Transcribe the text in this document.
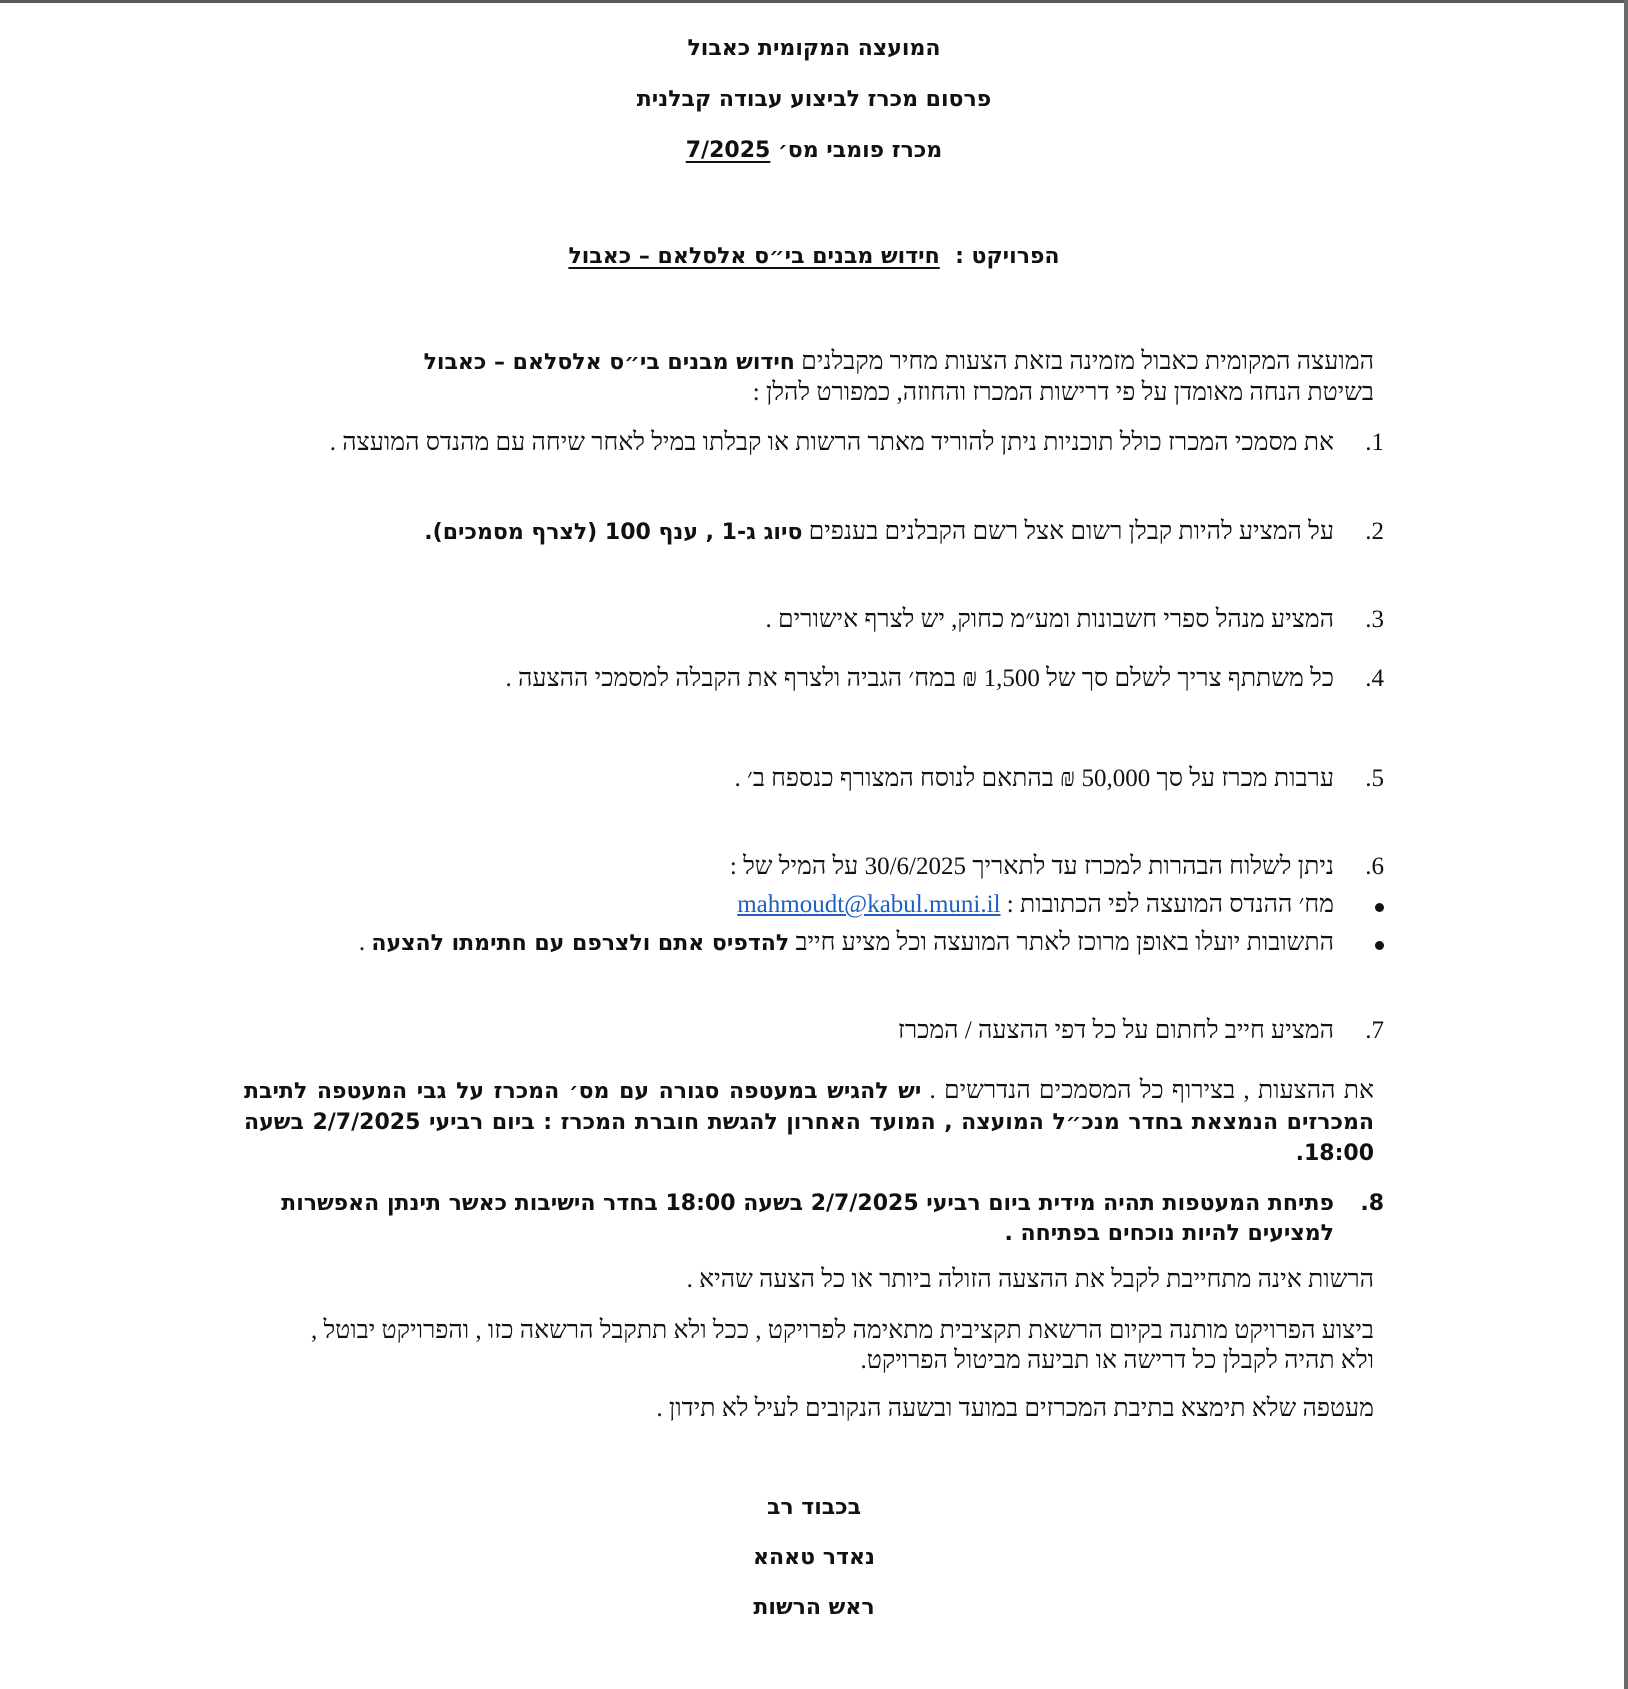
המועצה המקומית כאבול
פרסום מכרז לביצוע עבודה קבלנית
מכרז פומבי מס׳ 7/2025
הפרויקט :  חידוש מבנים בי״ס אלסלאם – כאבול
המועצה המקומית כאבול מזמינה בזאת הצעות מחיר מקבלנים חידוש מבנים בי״ס אלסלאם – כאבול
בשיטת הנחה מאומדן על פי דרישות המכרז והחוזה, כמפורט להלן :
1.
את מסמכי המכרז כולל תוכניות ניתן להוריד מאתר הרשות או קבלתו במיל לאחר שיחה עם מהנדס המועצה .
2.
על המציע להיות קבלן רשום אצל רשם הקבלנים בענפים סיוג ג-1 , ענף 100 (לצרף מסמכים).
3.
המציע מנהל ספרי חשבונות ומע״מ כחוק, יש לצרף אישורים .
4.
כל משתתף צריך לשלם סך של 1,500 ₪ במח׳ הגביה ולצרף את הקבלה למסמכי ההצעה .
5.
ערבות מכרז על סך 50,000 ₪ בהתאם לנוסח המצורף כנספח ב׳ .
6.
ניתן לשלוח הבהרות למכרז עד לתאריך 30/6/2025 על המיל של :
מח׳ ההנדס המועצה לפי הכתובות : mahmoudt@kabul.muni.il
התשובות יועלו באופן מרוכז לאתר המועצה וכל מציע חייב להדפיס אתם ולצרפם עם חתימתו להצעה .
7.
המציע חייב לחתום על כל דפי ההצעה / המכרז
את ההצעות , בצירוף כל המסמכים הנדרשים . יש להגיש במעטפה סגורה עם מס׳ המכרז על גבי המעטפה לתיבת המכרזים הנמצאת בחדר מנכ״ל המועצה , המועד האחרון להגשת חוברת המכרז : ביום רביעי 2/7/2025 בשעה 18:00.
8.
פתיחת המעטפות תהיה מידית ביום רביעי 2/7/2025 בשעה 18:00 בחדר הישיבות כאשר תינתן האפשרות למציעים להיות נוכחים בפתיחה .
הרשות אינה מתחייבת לקבל את ההצעה הזולה ביותר או כל הצעה שהיא .
ביצוע הפרויקט מותנה בקיום הרשאת תקציבית מתאימה לפרויקט , ככל ולא תתקבל הרשאה כזו , והפרויקט יבוטל , ולא תהיה לקבלן כל דרישה או תביעה מביטול הפרויקט.
מעטפה שלא תימצא בתיבת המכרזים במועד ובשעה הנקובים לעיל לא תידון .
בכבוד רב
נאדר טאהא
ראש הרשות
